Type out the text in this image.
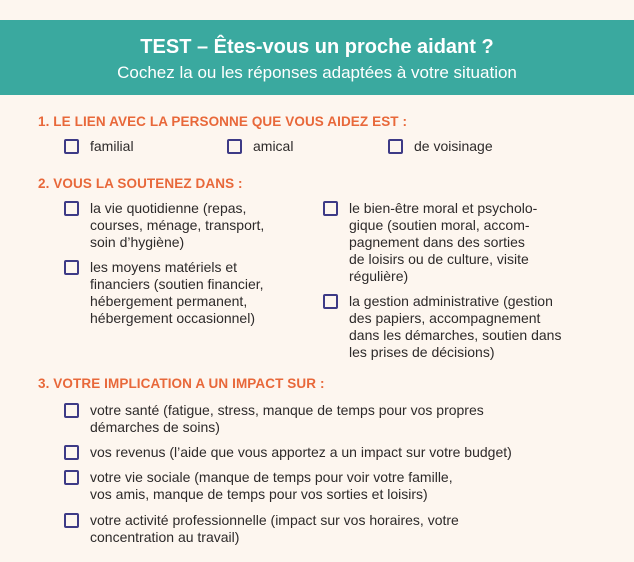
TEST – Êtes-vous un proche aidant ?
Cochez la ou les réponses adaptées à votre situation
1. LE LIEN AVEC LA PERSONNE QUE VOUS AIDEZ EST :
familial	amical	de voisinage
2. VOUS LA SOUTENEZ DANS :
la vie quotidienne (repas,
courses, ménage, transport,
soin d’hygiène)
les moyens matériels et
financiers (soutien financier,
hébergement permanent,
hébergement occasionnel)
le bien-être moral et psycholo-
gique (soutien moral, accom-
pagnement dans des sorties
de loisirs ou de culture, visite
régulière)
la gestion administrative (gestion
des papiers, accompagnement
dans les démarches, soutien dans
les prises de décisions)
3. VOTRE IMPLICATION A UN IMPACT SUR :
votre santé (fatigue, stress, manque de temps pour vos propres
démarches de soins)
vos revenus (l’aide que vous apportez a un impact sur votre budget)
votre vie sociale (manque de temps pour voir votre famille,
vos amis, manque de temps pour vos sorties et loisirs)
votre activité professionnelle (impact sur vos horaires, votre
concentration au travail)
